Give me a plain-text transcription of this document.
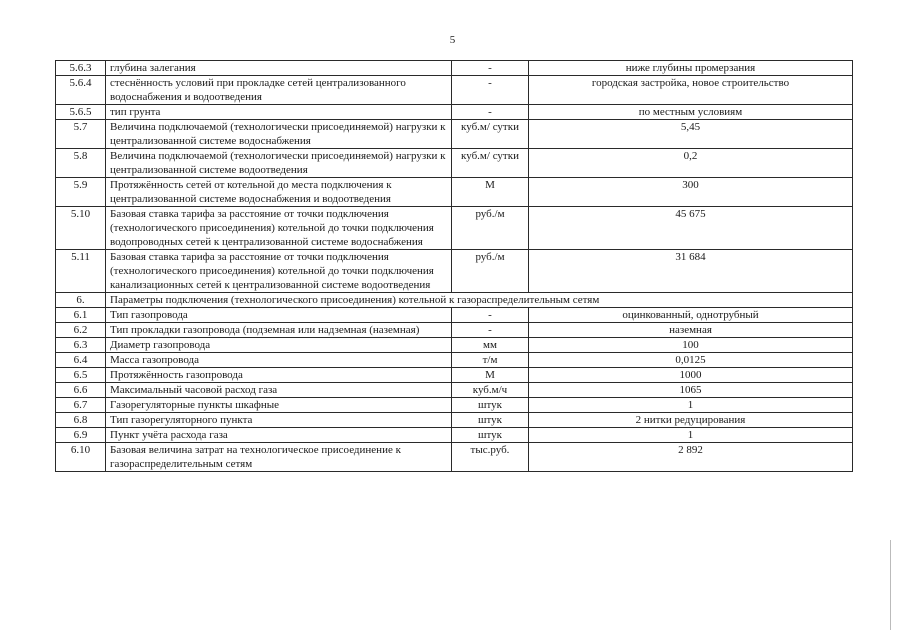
5
5.6.3	глубина залегания	-	ниже глубины промерзания
5.6.4	стеснённость условий при прокладке сетей централизованного водоснабжения и водоотведения	-	городская застройка, новое строительство
5.6.5	тип грунта	-	по местным условиям
5.7	Величина подключаемой (технологически присоединяемой) нагрузки к централизованной системе водоснабжения	куб.м/ сутки	5,45
5.8	Величина подключаемой (технологически присоединяемой) нагрузки к централизованной системе водоотведения	куб.м/ сутки	0,2
5.9	Протяжённость сетей от котельной до места подключения к централизованной системе водоснабжения и водоотведения	М	300
5.10	Базовая ставка тарифа за расстояние от точки подключения (технологического присоединения) котельной до точки подключения водопроводных сетей к централизованной системе водоснабжения	руб./м	45 675
5.11	Базовая ставка тарифа за расстояние от точки подключения (технологического присоединения) котельной до точки подключения канализационных сетей к централизованной системе водоотведения	руб./м	31 684
6.	Параметры подключения (технологического присоединения) котельной к газораспределительным сетям		
6.1	Тип газопровода	-	оцинкованный, однотрубный
6.2	Тип прокладки газопровода (подземная или надземная (наземная)	-	наземная
6.3	Диаметр газопровода	мм	100
6.4	Масса газопровода	т/м	0,0125
6.5	Протяжённость газопровода	М	1000
6.6	Максимальный часовой расход газа	куб.м/ч	1065
6.7	Газорегуляторные пункты шкафные	штук	1
6.8	Тип газорегуляторного пункта	штук	2 нитки редуцирования
6.9	Пункт учёта расхода газа	штук	1
6.10	Базовая величина затрат на технологическое присоединение к газораспределительным сетям	тыс.руб.	2 892
